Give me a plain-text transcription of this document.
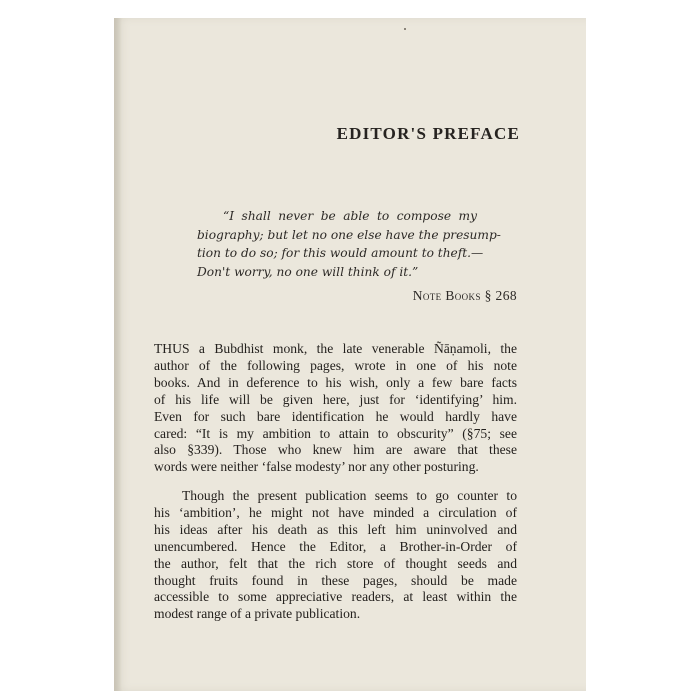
EDITOR'S PREFACE
“I shall never be able to compose my
biography; but let no one else have the presump-
tion to do so; for this would amount to theft.—
Don't worry, no one will think of it.”

Note Books § 268

THUS a Bubdhist monk, the late venerable Ñāṇamoli, the
author of the following pages, wrote in one of his note
books. And in deference to his wish, only a few bare facts
of his life will be given here, just for ‘identifying’ him.
Even for such bare identification he would hardly have
cared: “It is my ambition to attain to obscurity” (§75; see
also §339). Those who knew him are aware that these
words were neither ‘false modesty’ nor any other posturing.
Though the present publication seems to go counter to
his ‘ambition’, he might not have minded a circulation of
his ideas after his death as this left him uninvolved and
unencumbered. Hence the Editor, a Brother-in-Order of
the author, felt that the rich store of thought seeds and
thought fruits found in these pages, should be made
accessible to some appreciative readers, at least within the
modest range of a private publication.
